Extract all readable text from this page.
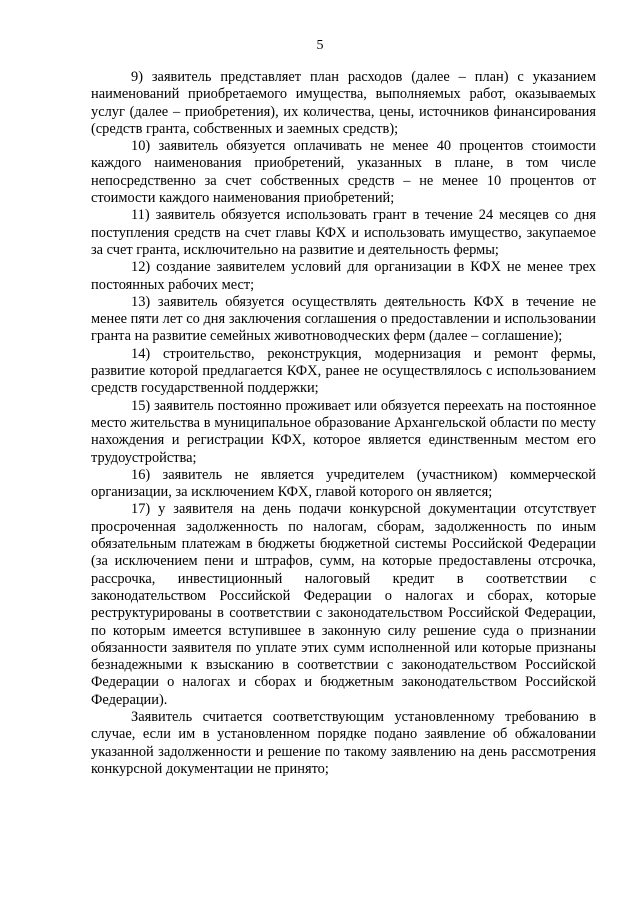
5

9) заявитель представляет план расходов (далее – план) с указанием наименований приобретаемого имущества, выполняемых работ, оказываемых услуг (далее – приобретения), их количества, цены, источников финансирования (средств гранта, собственных и заемных средств);

10) заявитель обязуется оплачивать не менее 40 процентов стоимости каждого наименования приобретений, указанных в плане, в том числе непосредственно за счет собственных средств – не менее 10 процентов от стоимости каждого наименования приобретений;

11) заявитель обязуется использовать грант в течение 24 месяцев со дня поступления средств на счет главы КФХ и использовать имущество, закупаемое за счет гранта, исключительно на развитие и деятельность фермы;

12) создание заявителем условий для организации в КФХ не менее трех постоянных рабочих мест;

13) заявитель обязуется осуществлять деятельность КФХ в течение не менее пяти лет со дня заключения соглашения о предоставлении и использовании гранта на развитие семейных животноводческих ферм (далее – соглашение);

14) строительство, реконструкция, модернизация и ремонт фермы, развитие которой предлагается КФХ, ранее не осуществлялось с использованием средств государственной поддержки;

15) заявитель постоянно проживает или обязуется переехать на постоянное место жительства в муниципальное образование Архангельской области по месту нахождения и регистрации КФХ, которое является единственным местом его трудоустройства;

16) заявитель не является учредителем (участником) коммерческой организации, за исключением КФХ, главой которого он является;

17) у заявителя на день подачи конкурсной документации отсутствует просроченная задолженность по налогам, сборам, задолженность по иным обязательным платежам в бюджеты бюджетной системы Российской Федерации (за исключением пени и штрафов, сумм, на которые предоставлены отсрочка, рассрочка, инвестиционный налоговый кредит в соответствии с законодательством Российской Федерации о налогах и сборах, которые реструктурированы в соответствии с законодательством Российской Федерации, по которым имеется вступившее в законную силу решение суда о признании обязанности заявителя по уплате этих сумм исполненной или которые признаны безнадежными к взысканию в соответствии с законодательством Российской Федерации о налогах и сборах и бюджетным законодательством Российской Федерации).

Заявитель считается соответствующим установленному требованию в случае, если им в установленном порядке подано заявление об обжаловании указанной задолженности и решение по такому заявлению на день рассмотрения конкурсной документации не принято;
